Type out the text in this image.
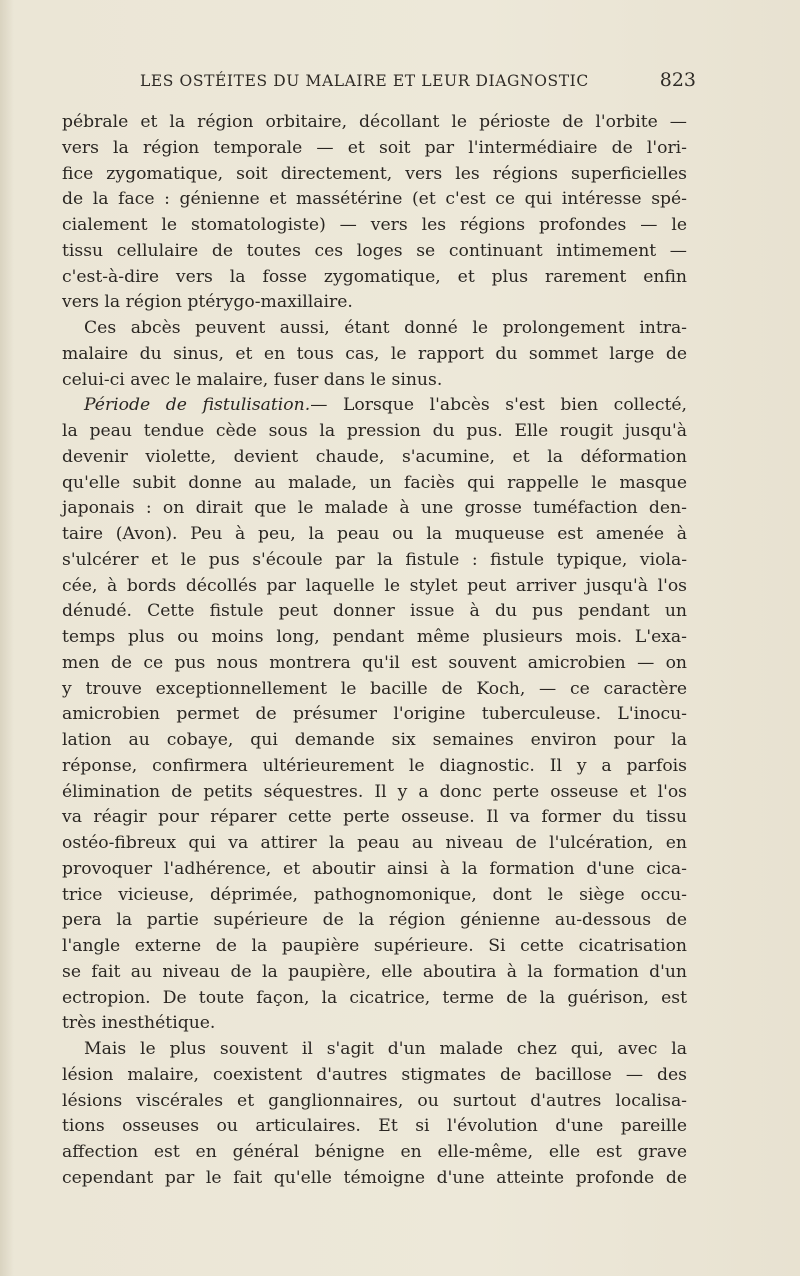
LES OSTÉITES DU MALAIRE ET LEUR DIAGNOSTIC	823
pébrale et la région orbitaire, décollant le périoste de l'orbite —
vers la région temporale — et soit par l'intermédiaire de l'ori-
fice zygomatique, soit directement, vers les régions superficielles
de la face : génienne et massétérine (et c'est ce qui intéresse spé-
cialement le stomatologiste) — vers les régions profondes — le
tissu cellulaire de toutes ces loges se continuant intimement —
c'est-à-dire vers la fosse zygomatique, et plus rarement enfin
vers la région ptérygo-maxillaire.
Ces abcès peuvent aussi, étant donné le prolongement intra-
malaire du sinus, et en tous cas, le rapport du sommet large de
celui-ci avec le malaire, fuser dans le sinus.
Période de fistulisation.— Lorsque l'abcès s'est bien collecté,
la peau tendue cède sous la pression du pus. Elle rougit jusqu'à
devenir violette, devient chaude, s'acumine, et la déformation
qu'elle subit donne au malade, un faciès qui rappelle le masque
japonais : on dirait que le malade à une grosse tuméfaction den-
taire (Avon). Peu à peu, la peau ou la muqueuse est amenée à
s'ulcérer et le pus s'écoule par la fistule : fistule typique, viola-
cée, à bords décollés par laquelle le stylet peut arriver jusqu'à l'os
dénudé. Cette fistule peut donner issue à du pus pendant un
temps plus ou moins long, pendant même plusieurs mois. L'exa-
men de ce pus nous montrera qu'il est souvent amicrobien — on
y trouve exceptionnellement le bacille de Koch, — ce caractère
amicrobien permet de présumer l'origine tuberculeuse. L'inocu-
lation au cobaye, qui demande six semaines environ pour la
réponse, confirmera ultérieurement le diagnostic. Il y a parfois
élimination de petits séquestres. Il y a donc perte osseuse et l'os
va réagir pour réparer cette perte osseuse. Il va former du tissu
ostéo-fibreux qui va attirer la peau au niveau de l'ulcération, en
provoquer l'adhérence, et aboutir ainsi à la formation d'une cica-
trice vicieuse, déprimée, pathognomonique, dont le siège occu-
pera la partie supérieure de la région génienne au-dessous de
l'angle externe de la paupière supérieure. Si cette cicatrisation
se fait au niveau de la paupière, elle aboutira à la formation d'un
ectropion. De toute façon, la cicatrice, terme de la guérison, est
très inesthétique.
Mais le plus souvent il s'agit d'un malade chez qui, avec la
lésion malaire, coexistent d'autres stigmates de bacillose — des
lésions viscérales et ganglionnaires, ou surtout d'autres localisa-
tions osseuses ou articulaires. Et si l'évolution d'une pareille
affection est en général bénigne en elle-même, elle est grave
cependant par le fait qu'elle témoigne d'une atteinte profonde de
